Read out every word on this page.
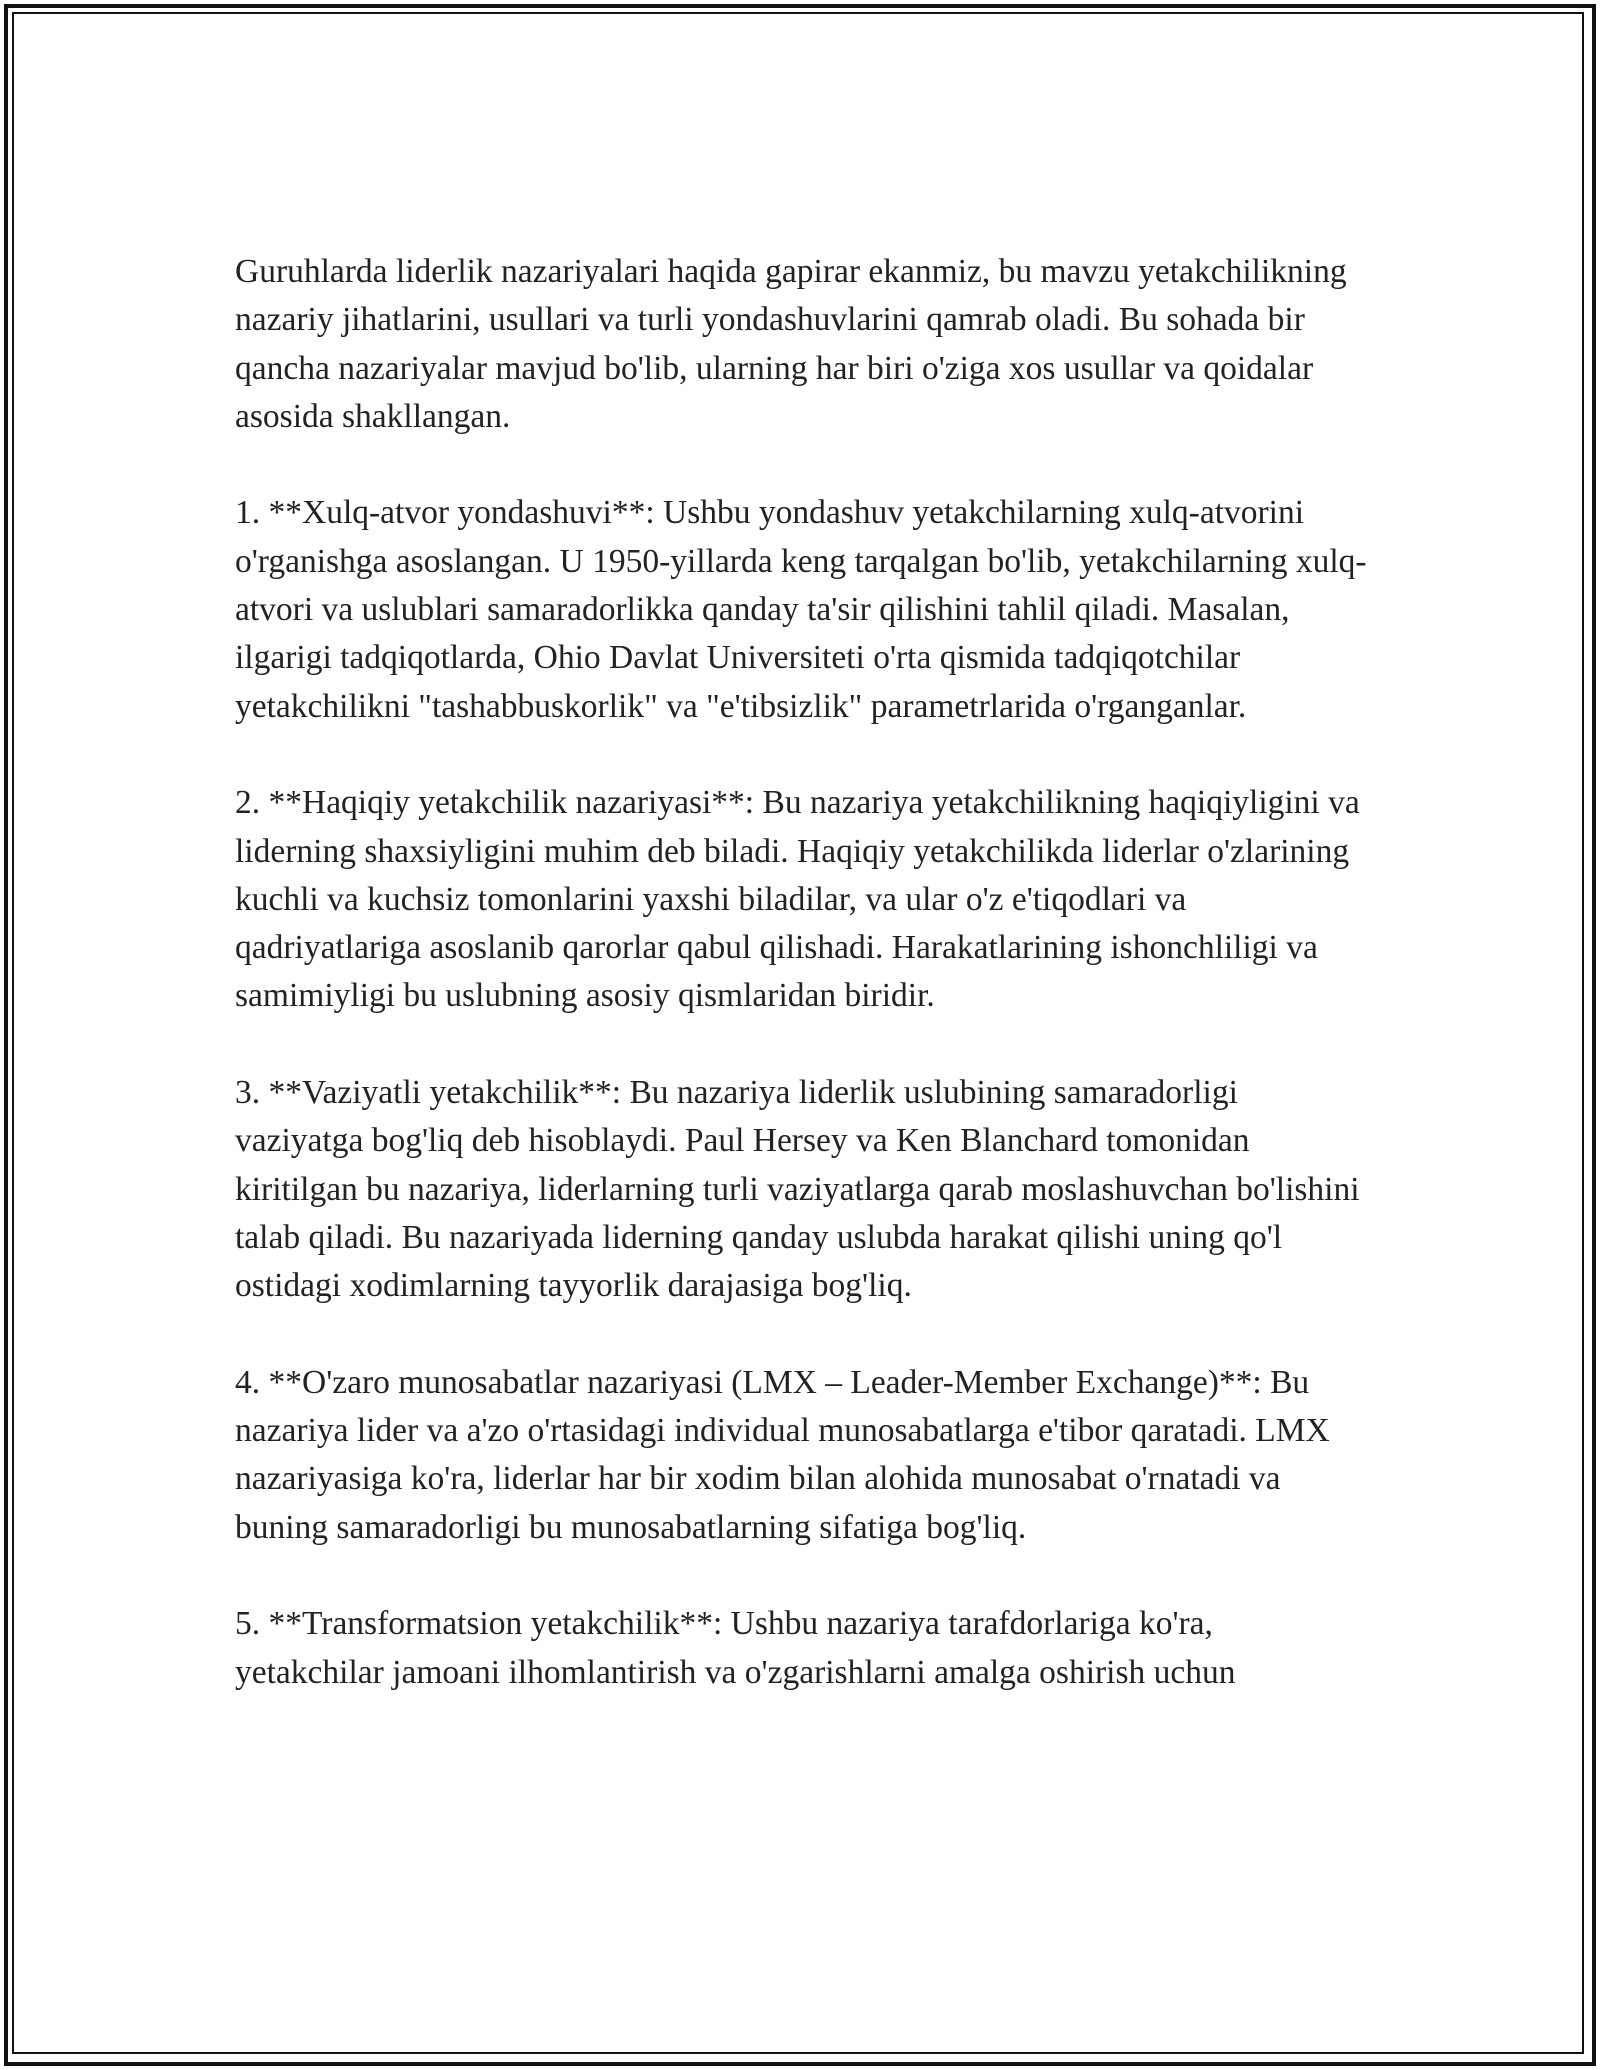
Guruhlarda liderlik nazariyalari haqida gapirar ekanmiz, bu mavzu yetakchilikning nazariy jihatlarini, usullari va turli yondashuvlarini qamrab oladi. Bu sohada bir qancha nazariyalar mavjud bo'lib, ularning har biri o'ziga xos usullar va qoidalar asosida shakllangan.

1. **Xulq-atvor yondashuvi**: Ushbu yondashuv yetakchilarning xulq-atvorini o'rganishga asoslangan. U 1950-yillarda keng tarqalgan bo'lib, yetakchilarning xulq-atvori va uslublari samaradorlikka qanday ta'sir qilishini tahlil qiladi. Masalan, ilgarigi tadqiqotlarda, Ohio Davlat Universiteti o'rta qismida tadqiqotchilar yetakchilikni "tashabbuskorlik" va "e'tibsizlik" parametrlarida o'rganganlar.

2. **Haqiqiy yetakchilik nazariyasi**: Bu nazariya yetakchilikning haqiqiyligini va liderning shaxsiyligini muhim deb biladi. Haqiqiy yetakchilikda liderlar o'zlarining kuchli va kuchsiz tomonlarini yaxshi biladilar, va ular o'z e'tiqodlari va qadriyatlariga asoslanib qarorlar qabul qilishadi. Harakatlarining ishonchliligi va samimiyligi bu uslubning asosiy qismlaridan biridir.

3. **Vaziyatli yetakchilik**: Bu nazariya liderlik uslubining samaradorligi vaziyatga bog'liq deb hisoblaydi. Paul Hersey va Ken Blanchard tomonidan kiritilgan bu nazariya, liderlarning turli vaziyatlarga qarab moslashuvchan bo'lishini talab qiladi. Bu nazariyada liderning qanday uslubda harakat qilishi uning qo'l ostidagi xodimlarning tayyorlik darajasiga bog'liq.

4. **O'zaro munosabatlar nazariyasi (LMX – Leader-Member Exchange)**: Bu nazariya lider va a'zo o'rtasidagi individual munosabatlarga e'tibor qaratadi. LMX nazariyasiga ko'ra, liderlar har bir xodim bilan alohida munosabat o'rnatadi va buning samaradorligi bu munosabatlarning sifatiga bog'liq.

5. **Transformatsion yetakchilik**: Ushbu nazariya tarafdorlariga ko'ra, yetakchilar jamoani ilhomlantirish va o'zgarishlarni amalga oshirish uchun
